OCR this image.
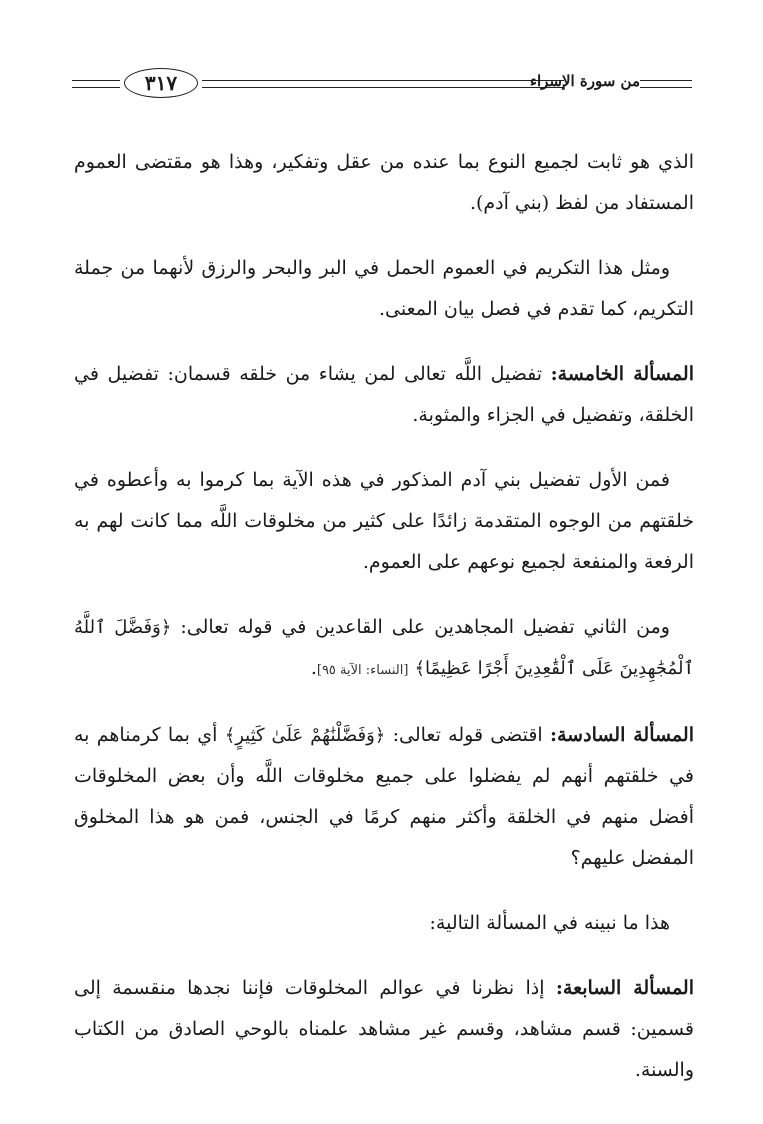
٣١٧	من سورة الإسراء

الذي هو ثابت لجميع النوع بما عنده من عقل وتفكير، وهذا هو مقتضى العموم المستفاد من لفظ (بني آدم).

ومثل هذا التكريم في العموم الحمل في البر والبحر والرزق لأنهما من جملة التكريم، كما تقدم في فصل بيان المعنى.

المسألة الخامسة: تفضيل اللَّه تعالى لمن يشاء من خلقه قسمان: تفضيل في الخلقة، وتفضيل في الجزاء والمثوبة.

فمن الأول تفضيل بني آدم المذكور في هذه الآية بما كرموا به وأعطوه في خلقتهم من الوجوه المتقدمة زائدًا على كثير من مخلوقات اللَّه مما كانت لهم به الرفعة والمنفعة لجميع نوعهم على العموم.

ومن الثاني تفضيل المجاهدين على القاعدين في قوله تعالى: ﴿وَفَضَّلَ ٱللَّهُ ٱلْمُجَٰهِدِينَ عَلَى ٱلْقَٰعِدِينَ أَجْرًا عَظِيمًا﴾ [النساء: الآية ٩٥].

المسألة السادسة: اقتضى قوله تعالى: ﴿وَفَضَّلْنَٰهُمْ عَلَىٰ كَثِيرٍ﴾ أي بما كرمناهم به في خلقتهم أنهم لم يفضلوا على جميع مخلوقات اللَّه وأن بعض المخلوقات أفضل منهم في الخلقة وأكثر منهم كرمًا في الجنس، فمن هو هذا المخلوق المفضل عليهم؟

هذا ما نبينه في المسألة التالية:

المسألة السابعة: إذا نظرنا في عوالم المخلوقات فإننا نجدها منقسمة إلى قسمين: قسم مشاهد، وقسم غير مشاهد علمناه بالوحي الصادق من الكتاب والسنة.
